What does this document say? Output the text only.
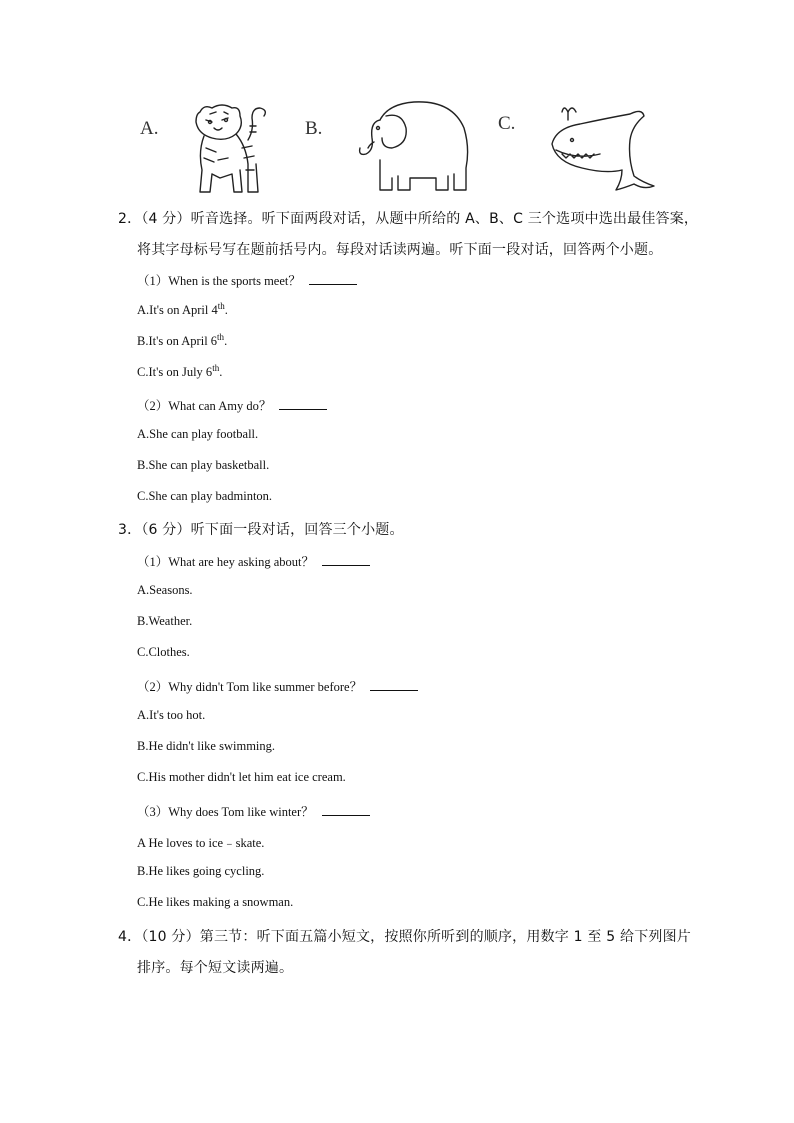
A.	B.	C.
2．（4 分）听音选择。听下面两段对话，从题中所给的 A、B、C 三个选项中选出最佳答案，
将其字母标号写在题前括号内。每段对话读两遍。听下面一段对话，回答两个小题。
（1）When is the sports meet？
A.It's on April 4th.
B.It's on April 6th.
C.It's on July 6th.
（2）What can Amy do？
A.She can play football.
B.She can play basketball.
C.She can play badminton.
3．（6 分）听下面一段对话，回答三个小题。
（1）What are hey asking about？
A.Seasons.
B.Weather.
C.Clothes.
（2）Why didn't Tom like summer before？
A.It's too hot.
B.He didn't like swimming.
C.His mother didn't let him eat ice cream.
（3）Why does Tom like winter？
A He loves to ice﹣skate.
B.He likes going cycling.
C.He likes making a snowman.
4．（10 分）第三节：听下面五篇小短文，按照你所听到的顺序，用数字 1 至 5 给下列图片
排序。每个短文读两遍。
